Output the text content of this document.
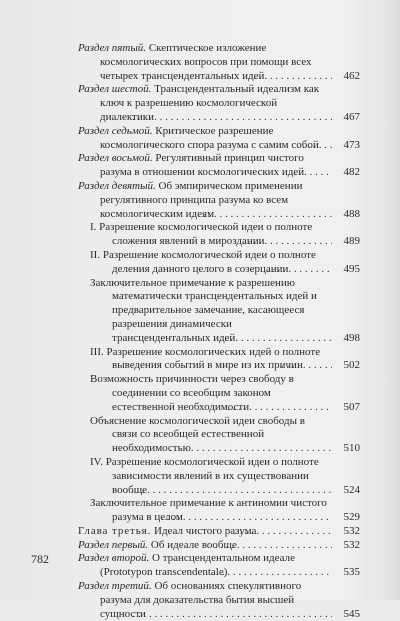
Раздел пятый. Скептическое изложение космологических вопросов при помощи всех четырех трансцендентальных идей . . .	462
Раздел шестой. Трансцендентальный идеализм как ключ к разрешению космологической диалектики . . .	467
Раздел седьмой. Критическое разрешение космологического спора разума с самим собой . . .	473
Раздел восьмой. Регулятивный принцип чистого разума в отношении космологических идей . . .	482
Раздел девятый. Об эмпирическом применении регулятивного принципа разума ко всем космологическим идеям . . .	488
I. Разрешение космологической идеи о полноте сложения явлений в мироздании . . .	489
II. Разрешение космологической идеи о полноте деления данного целого в созерцании . . .	495
Заключительное примечание к разрешению математически трансцендентальных идей и предварительное замечание, касающееся разрешения динамически трансцендентальных идей . . .	498
III. Разрешение космологических идей о полноте выведения событий в мире из их причин . . .	502
Возможность причинности через свободу в соединении со всеобщим законом естественной необходимости . . .	507
Объяснение космологической идеи свободы в связи со всеобщей естественной необходимостью . . .	510
IV. Разрешение космологической идеи о полноте зависимости явлений в их существовании вообще . . .	524
Заключительное примечание к антиномии чистого разума в целом . . .	529
Глава третья. Идеал чистого разума . . .	532
Раздел первый. Об идеале вообще . . .	532
Раздел второй. О трансцендентальном идеале (Prototypon transcendentale) . . .	535
Раздел третий. Об основаниях спекулятивного разума для доказательства бытия высшей сущности . . .	545
782
